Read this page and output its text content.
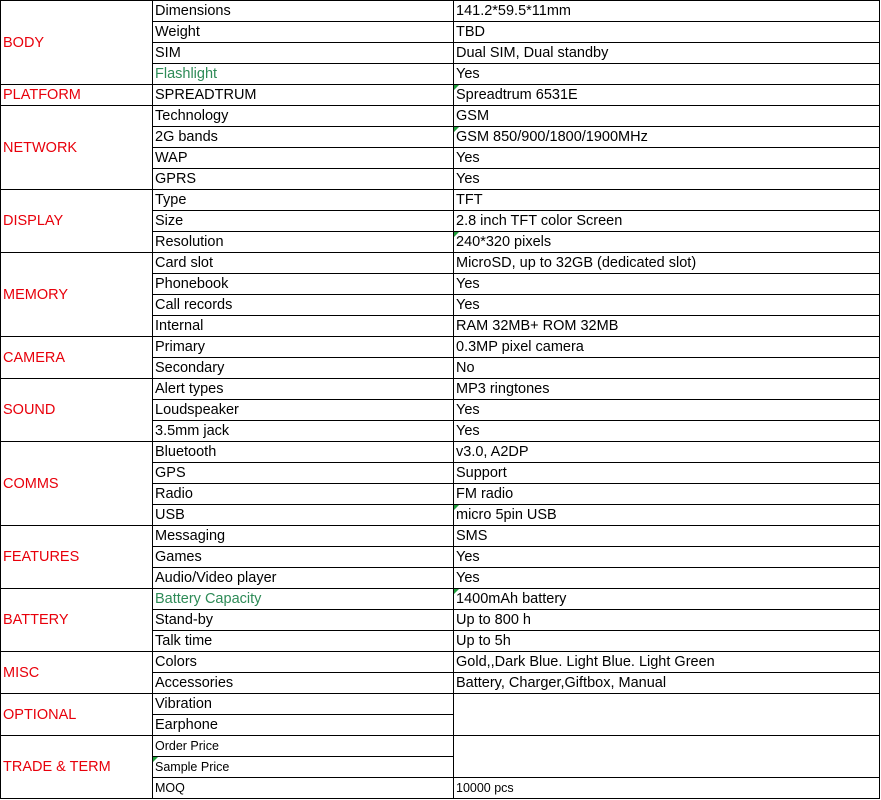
BODY	Dimensions	141.2*59.5*11mm
	Weight	TBD
	SIM	Dual SIM, Dual standby
	Flashlight	Yes
PLATFORM	SPREADTRUM	Spreadtrum 6531E
NETWORK	Technology	GSM
	2G bands	GSM 850/900/1800/1900MHz
	WAP	Yes
	GPRS	Yes
DISPLAY	Type	TFT
	Size	2.8 inch TFT color Screen
	Resolution	240*320 pixels
MEMORY	Card slot	MicroSD, up to 32GB (dedicated slot)
	Phonebook	Yes
	Call records	Yes
	Internal	RAM 32MB+ ROM 32MB
CAMERA	Primary	0.3MP pixel camera
	Secondary	No
SOUND	Alert types	MP3 ringtones
	Loudspeaker	Yes
	3.5mm jack	Yes
COMMS	Bluetooth	v3.0, A2DP
	GPS	Support
	Radio	FM radio
	USB	micro 5pin USB
FEATURES	Messaging	SMS
	Games	Yes
	Audio/Video player	Yes
BATTERY	Battery Capacity	1400mAh battery
	Stand-by	Up to 800 h
	Talk time	Up to 5h
MISC	Colors	Gold,,Dark Blue. Light Blue. Light Green
	Accessories	Battery, Charger,Giftbox, Manual
OPTIONAL	Vibration	
	Earphone	
TRADE & TERM	Order Price	
	Sample Price	
	MOQ	10000 pcs
